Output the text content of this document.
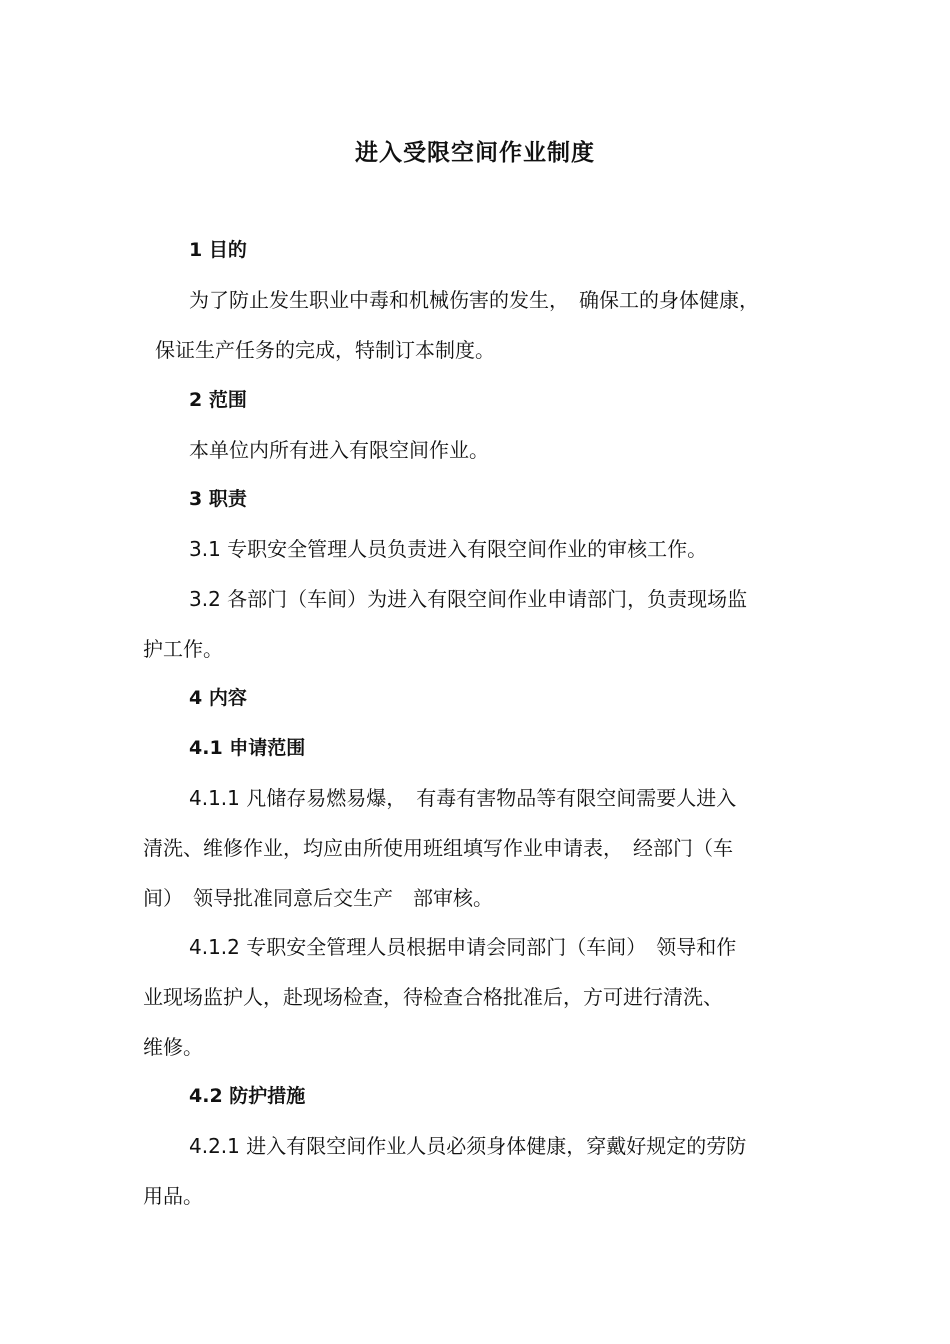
进入受限空间作业制度
1 目的
为了防止发生职业中毒和机械伤害的发生，　确保工的身体健康，
保证生产任务的完成，特制订本制度。
2 范围
本单位内所有进入有限空间作业。
3 职责
3.1 专职安全管理人员负责进入有限空间作业的审核工作。
3.2 各部门（车间）为进入有限空间作业申请部门，负责现场监
护工作。
4 内容
4.1 申请范围
4.1.1 凡储存易燃易爆，　有毒有害物品等有限空间需要人进入
清洗、维修作业，均应由所使用班组填写作业申请表，　经部门（车
间）　领导批准同意后交生产　部审核。
4.1.2 专职安全管理人员根据申请会同部门（车间）　领导和作
业现场监护人，赴现场检查，待检查合格批准后，方可进行清洗、
维修。
4.2 防护措施
4.2.1 进入有限空间作业人员必须身体健康，穿戴好规定的劳防
用品。
